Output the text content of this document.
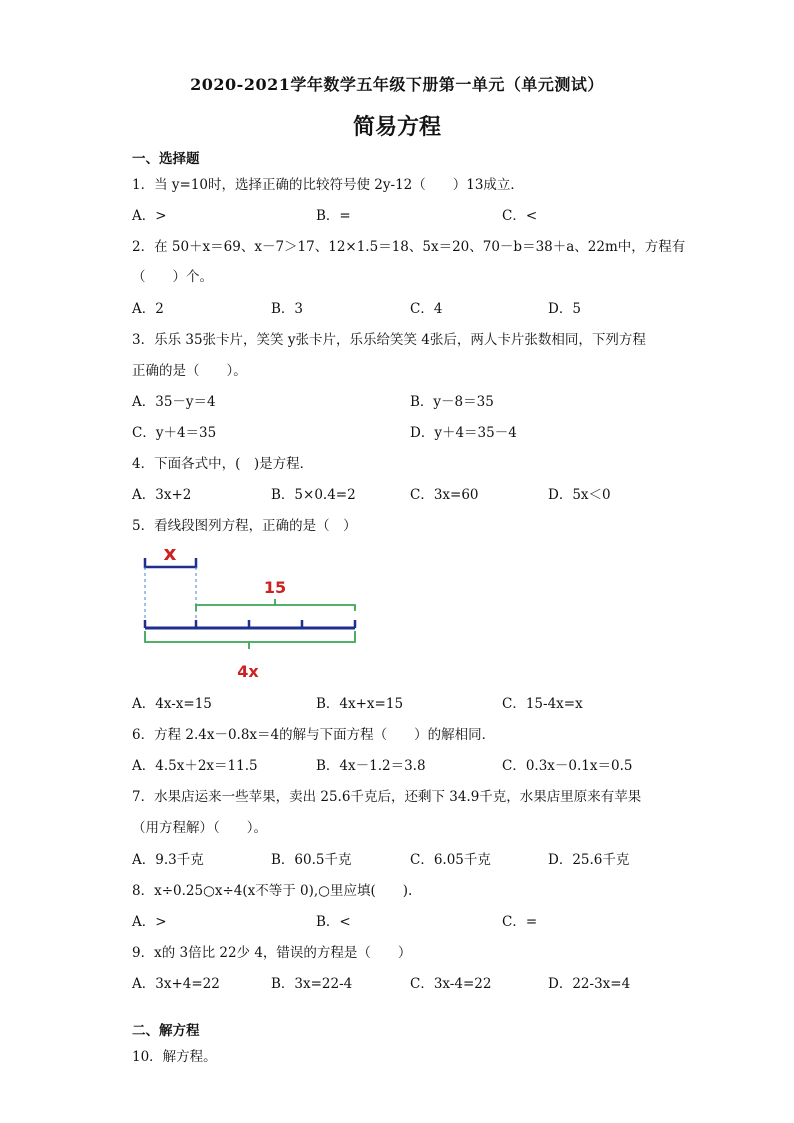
2020-2021学年数学五年级下册第一单元（单元测试）
简易方程
一、选择题
1．当 y=10时，选择正确的比较符号使 2y-12（　　）13成立．
A．>	B．=	C．<
2．在 50＋x＝69、x－7＞17、12×1.5＝18、5x＝20、70－b＝38＋a、22m中，方程有
（　　）个。
A．2	B．3	C．4	D．5
3．乐乐 35张卡片，笑笑 y张卡片，乐乐给笑笑 4张后，两人卡片张数相同，下列方程
正确的是（　　）。
A．35－y＝4	B．y－8＝35
C．y＋4＝35	D．y＋4＝35－4
4．下面各式中，(　)是方程．
A．3x+2	B．5×0.4=2	C．3x=60	D．5x＜0
5．看线段图列方程，正确的是（　）
x
15
4x
A．4x-x=15	B．4x+x=15	C．15-4x=x
6．方程 2.4x－0.8x＝4的解与下面方程（　　）的解相同．
A．4.5x＋2x＝11.5	B．4x－1.2＝3.8	C．0.3x－0.1x＝0.5
7．水果店运来一些苹果，卖出 25.6千克后，还剩下 34.9千克，水果店里原来有苹果
（用方程解）（　　）。
A．9.3千克	B．60.5千克	C．6.05千克	D．25.6千克
8．x÷0.25○x÷4(x不等于 0),○里应填(　　).
A．>	B．<	C．=
9．x的 3倍比 22少 4，错误的方程是（　　）
A．3x+4=22	B．3x=22-4	C．3x-4=22	D．22-3x=4
二、解方程
10．解方程。
